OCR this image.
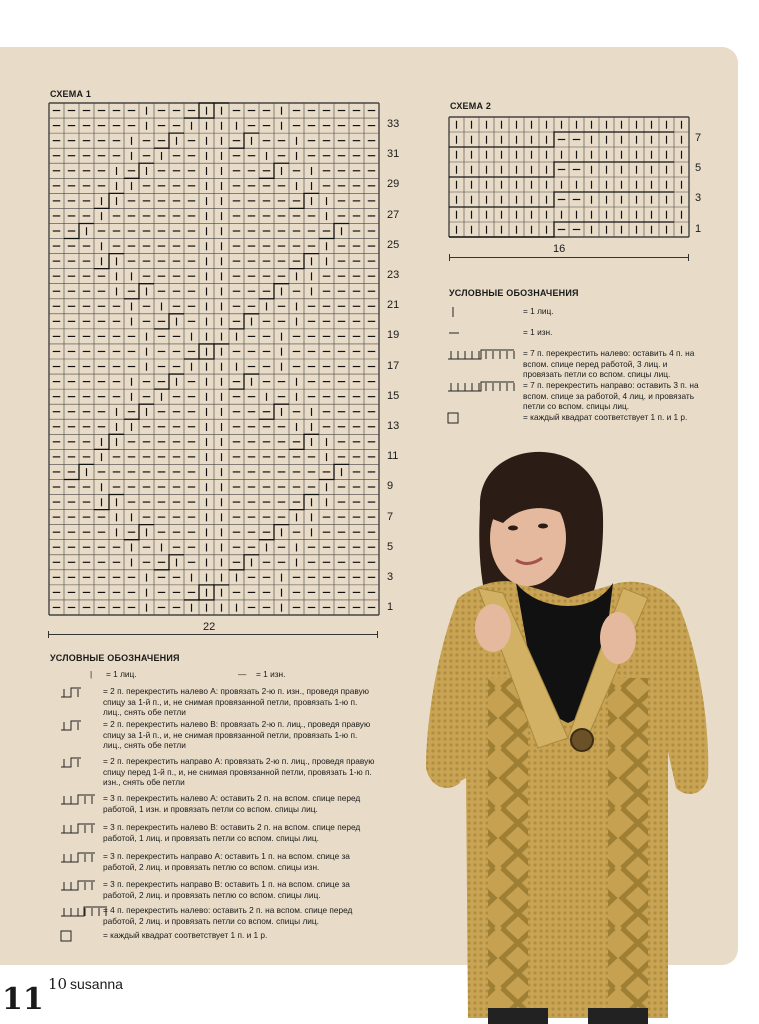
СХЕМА 1
33
31
29
27
25
23
21
19
17
15
13
11
9
7
5
3
1
22
СХЕМА 2
7
5
3
1
16
УСЛОВНЫЕ ОБОЗНАЧЕНИЯ
= 1 лиц.
= 1 изн.
= 7 п. перекрестить налево: оставить 4 п. на вспом. спице перед работой, 3 лиц. и провязать петли со вспом. спицы лиц.
= 7 п. перекрестить направо: оставить 3 п. на вспом. спице за работой, 4 лиц. и провязать петли со вспом. спицы лиц.
= каждый квадрат соответствует 1 п. и 1 р.
УСЛОВНЫЕ ОБОЗНАЧЕНИЯ
| = 1 лиц.	— = 1 изн.
= 2 п. перекрестить налево А: провязать 2-ю п. изн., проведя правую спицу за 1-й п., и, не снимая провязанной петли, провязать 1-ю п. лиц., снять обе петли
= 2 п. перекрестить налево В: провязать 2-ю п. лиц., проведя правую спицу за 1-й п., и, не снимая провязанной петли, провязать 1-ю п. лиц., снять обе петли
= 2 п. перекрестить направо А: провязать 2-ю п. лиц., проведя правую спицу перед 1-й п., и, не снимая провязанной петли, провязать 1-ю п. изн., снять обе петли
= 3 п. перекрестить налево А: оставить 2 п. на вспом. спице перед работой, 1 изн. и провязать петли со вспом. спицы лиц.
= 3 п. перекрестить налево В: оставить 2 п. на вспом. спице перед работой, 1 лиц. и провязать петли со вспом. спицы лиц.
= 3 п. перекрестить направо А: оставить 1 п. на вспом. спице за работой, 2 лиц. и провязать петлю со вспом. спицы изн.
= 3 п. перекрестить направо В: оставить 1 п. на вспом. спице за работой, 2 лиц. и провязать петлю со вспом. спицы лиц.
= 4 п. перекрестить налево: оставить 2 п. на вспом. спице перед работой, 2 лиц. и провязать петли со вспом. спицы лиц.
= каждый квадрат соответствует 1 п. и 1 р.
11 10 susanna
